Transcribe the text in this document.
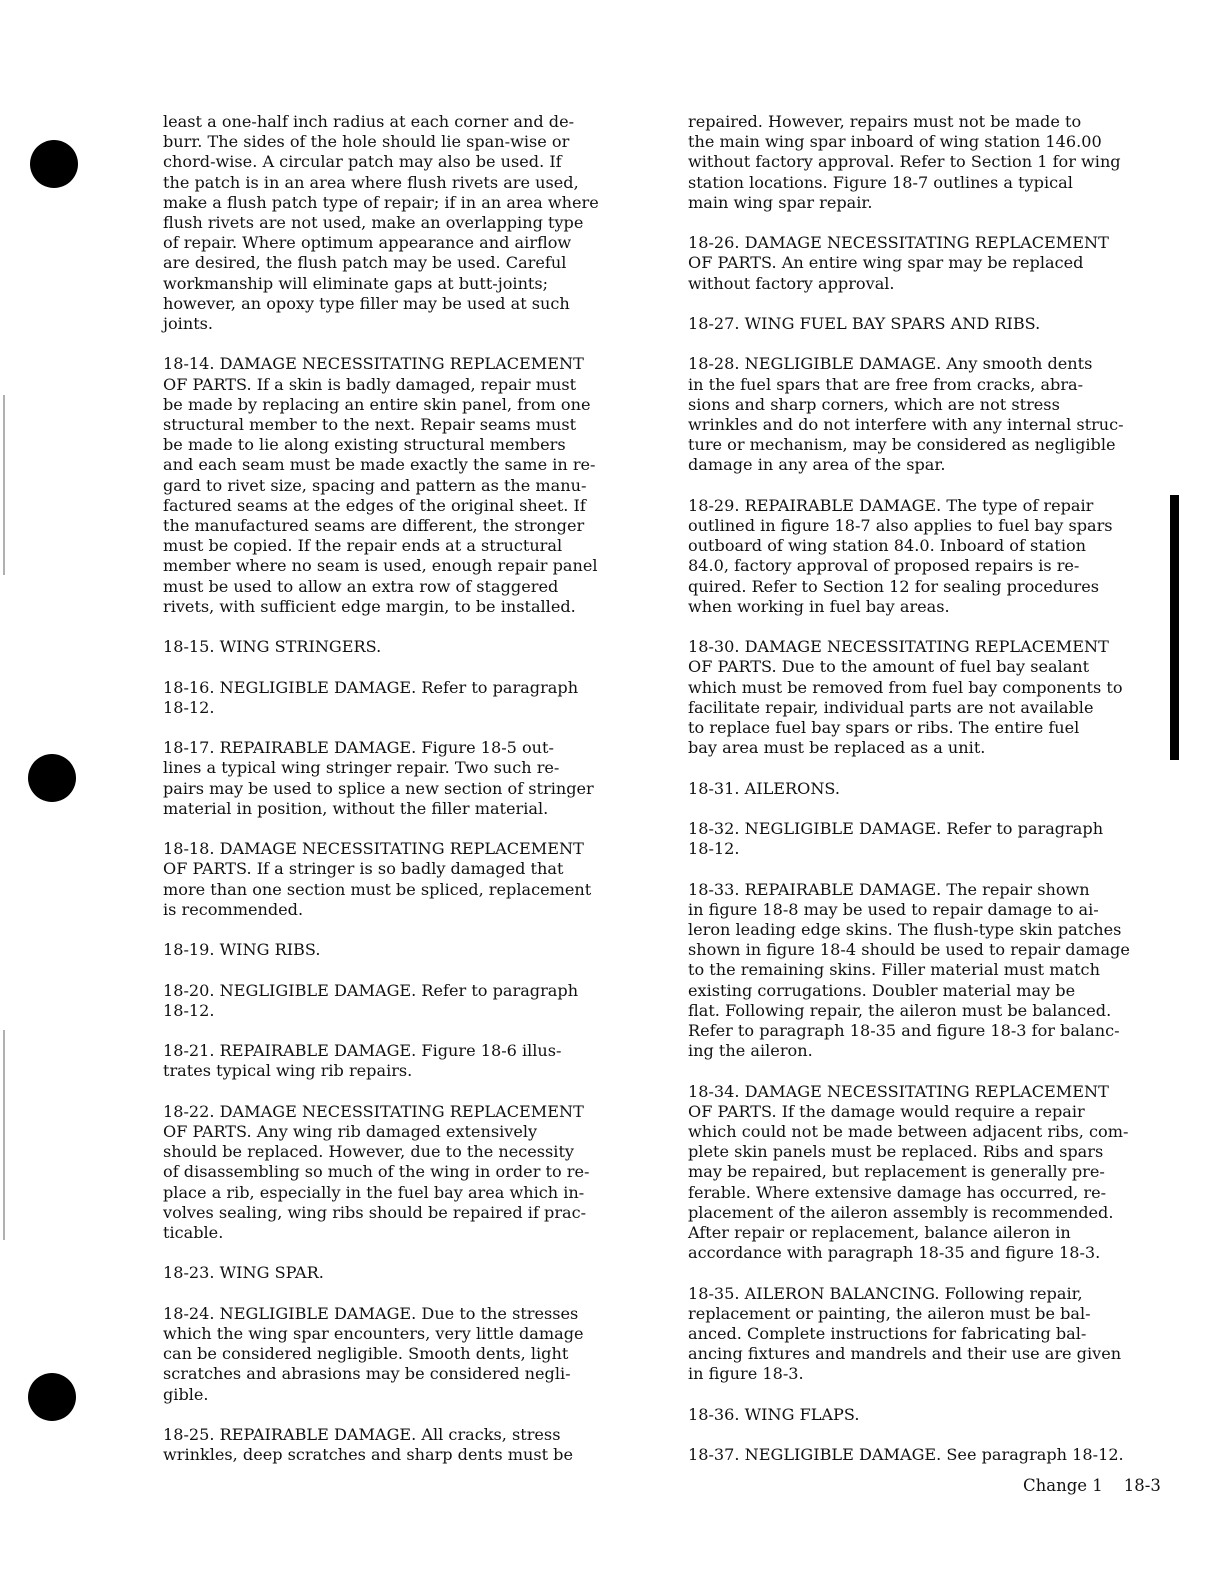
least a one-half inch radius at each corner and de-
burr. The sides of the hole should lie span-wise or
chord-wise. A circular patch may also be used. If
the patch is in an area where flush rivets are used,
make a flush patch type of repair; if in an area where
flush rivets are not used, make an overlapping type
of repair. Where optimum appearance and airflow
are desired, the flush patch may be used. Careful
workmanship will eliminate gaps at butt-joints;
however, an opoxy type filler may be used at such
joints.

18-14. DAMAGE NECESSITATING REPLACEMENT
OF PARTS. If a skin is badly damaged, repair must
be made by replacing an entire skin panel, from one
structural member to the next. Repair seams must
be made to lie along existing structural members
and each seam must be made exactly the same in re-
gard to rivet size, spacing and pattern as the manu-
factured seams at the edges of the original sheet. If
the manufactured seams are different, the stronger
must be copied. If the repair ends at a structural
member where no seam is used, enough repair panel
must be used to allow an extra row of staggered
rivets, with sufficient edge margin, to be installed.

18-15. WING STRINGERS.

18-16. NEGLIGIBLE DAMAGE. Refer to paragraph
18-12.

18-17. REPAIRABLE DAMAGE. Figure 18-5 out-
lines a typical wing stringer repair. Two such re-
pairs may be used to splice a new section of stringer
material in position, without the filler material.

18-18. DAMAGE NECESSITATING REPLACEMENT
OF PARTS. If a stringer is so badly damaged that
more than one section must be spliced, replacement
is recommended.

18-19. WING RIBS.

18-20. NEGLIGIBLE DAMAGE. Refer to paragraph
18-12.

18-21. REPAIRABLE DAMAGE. Figure 18-6 illus-
trates typical wing rib repairs.

18-22. DAMAGE NECESSITATING REPLACEMENT
OF PARTS. Any wing rib damaged extensively
should be replaced. However, due to the necessity
of disassembling so much of the wing in order to re-
place a rib, especially in the fuel bay area which in-
volves sealing, wing ribs should be repaired if prac-
ticable.

18-23. WING SPAR.

18-24. NEGLIGIBLE DAMAGE. Due to the stresses
which the wing spar encounters, very little damage
can be considered negligible. Smooth dents, light
scratches and abrasions may be considered negli-
gible.

18-25. REPAIRABLE DAMAGE. All cracks, stress
wrinkles, deep scratches and sharp dents must be

repaired. However, repairs must not be made to
the main wing spar inboard of wing station 146.00
without factory approval. Refer to Section 1 for wing
station locations. Figure 18-7 outlines a typical
main wing spar repair.

18-26. DAMAGE NECESSITATING REPLACEMENT
OF PARTS. An entire wing spar may be replaced
without factory approval.

18-27. WING FUEL BAY SPARS AND RIBS.

18-28. NEGLIGIBLE DAMAGE. Any smooth dents
in the fuel spars that are free from cracks, abra-
sions and sharp corners, which are not stress
wrinkles and do not interfere with any internal struc-
ture or mechanism, may be considered as negligible
damage in any area of the spar.

18-29. REPAIRABLE DAMAGE. The type of repair
outlined in figure 18-7 also applies to fuel bay spars
outboard of wing station 84.0. Inboard of station
84.0, factory approval of proposed repairs is re-
quired. Refer to Section 12 for sealing procedures
when working in fuel bay areas.

18-30. DAMAGE NECESSITATING REPLACEMENT
OF PARTS. Due to the amount of fuel bay sealant
which must be removed from fuel bay components to
facilitate repair, individual parts are not available
to replace fuel bay spars or ribs. The entire fuel
bay area must be replaced as a unit.

18-31. AILERONS.

18-32. NEGLIGIBLE DAMAGE. Refer to paragraph
18-12.

18-33. REPAIRABLE DAMAGE. The repair shown
in figure 18-8 may be used to repair damage to ai-
leron leading edge skins. The flush-type skin patches
shown in figure 18-4 should be used to repair damage
to the remaining skins. Filler material must match
existing corrugations. Doubler material may be
flat. Following repair, the aileron must be balanced.
Refer to paragraph 18-35 and figure 18-3 for balanc-
ing the aileron.

18-34. DAMAGE NECESSITATING REPLACEMENT
OF PARTS. If the damage would require a repair
which could not be made between adjacent ribs, com-
plete skin panels must be replaced. Ribs and spars
may be repaired, but replacement is generally pre-
ferable. Where extensive damage has occurred, re-
placement of the aileron assembly is recommended.
After repair or replacement, balance aileron in
accordance with paragraph 18-35 and figure 18-3.

18-35. AILERON BALANCING. Following repair,
replacement or painting, the aileron must be bal-
anced. Complete instructions for fabricating bal-
ancing fixtures and mandrels and their use are given
in figure 18-3.

18-36. WING FLAPS.

18-37. NEGLIGIBLE DAMAGE. See paragraph 18-12.

Change 1 18-3
